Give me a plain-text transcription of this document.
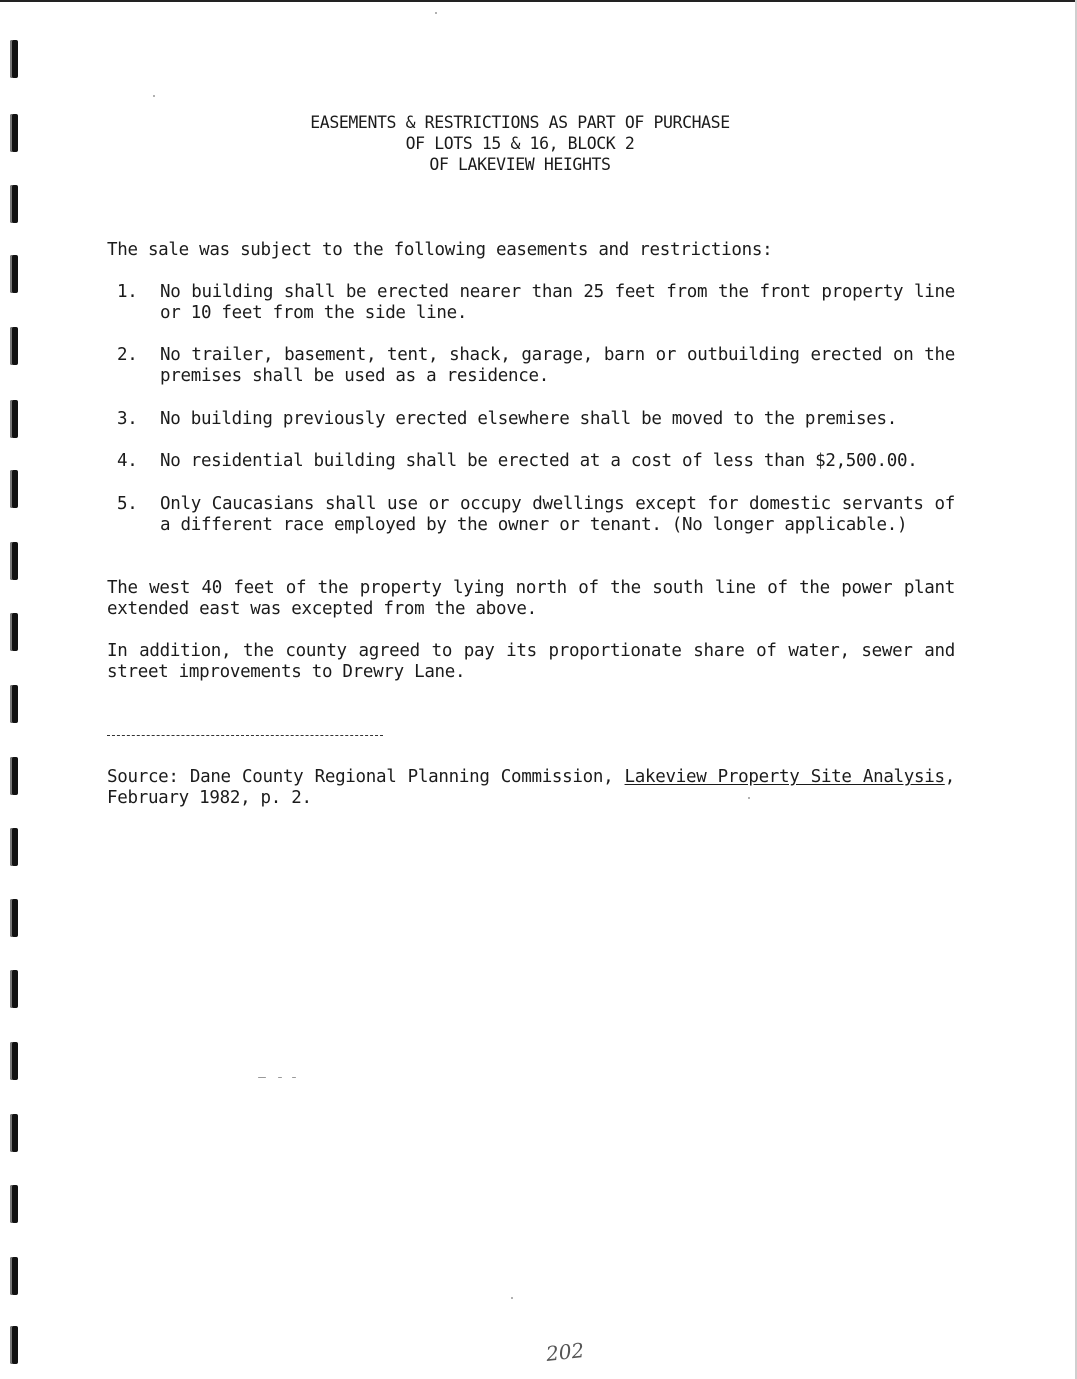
EASEMENTS & RESTRICTIONS AS PART OF PURCHASE
OF LOTS 15 & 16, BLOCK 2
OF LAKEVIEW HEIGHTS
The sale was subject to the following easements and restrictions:
1.	No building shall be erected nearer than 25 feet from the front property line or 10 feet from the side line.
2.	No trailer, basement, tent, shack, garage, barn or outbuilding erected on the premises shall be used as a residence.
3.	No building previously erected elsewhere shall be moved to the premises.
4.	No residential building shall be erected at a cost of less than $2,500.00.
5.	Only Caucasians shall use or occupy dwellings except for domestic servants of a different race employed by the owner or tenant. (No longer applicable.)
The west 40 feet of the property lying north of the south line of the power plant extended east was excepted from the above.
In addition, the county agreed to pay its proportionate share of water, sewer and street improvements to Drewry Lane.
Source: Dane County Regional Planning Commission, Lakeview Property Site Analysis, February 1982, p. 2.
202
